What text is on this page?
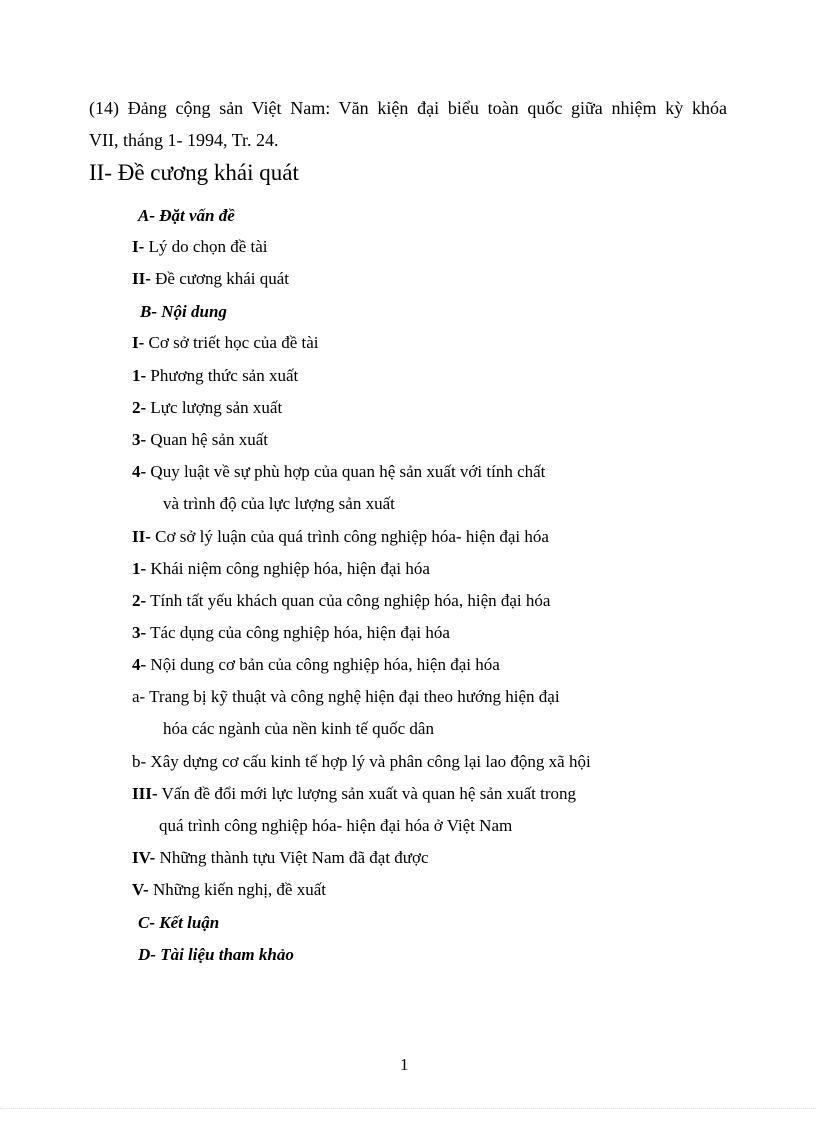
(14) Đảng cộng sản Việt Nam: Văn kiện đại biểu toàn quốc giữa nhiệm kỳ khóa
VII, tháng 1- 1994, Tr. 24.
II- Đề cương khái quát
A- Đặt vấn đề
I- Lý do chọn đề tài
II- Đề cương khái quát
B- Nội dung
I- Cơ sở triết học của đề tài
1- Phương thức sản xuất
2- Lực lượng sản xuất
3- Quan hệ sản xuất
4- Quy luật về sự phù hợp của quan hệ sản xuất với tính chất
và trình độ của lực lượng sản xuất
II- Cơ sở lý luận của quá trình công nghiệp hóa- hiện đại hóa
1- Khái niệm công nghiệp hóa, hiện đại hóa
2- Tính tất yếu khách quan của công nghiệp hóa, hiện đại hóa
3- Tác dụng của công nghiệp hóa, hiện đại hóa
4- Nội dung cơ bản của công nghiệp hóa, hiện đại hóa
a- Trang bị kỹ thuật và công nghệ hiện đại theo hướng hiện đại
hóa các ngành của nền kinh tế quốc dân
b- Xây dựng cơ cấu kinh tế hợp lý và phân công lại lao động xã hội
III- Vấn đề đổi mới lực lượng sản xuất và quan hệ sản xuất trong
quá trình công nghiệp hóa- hiện đại hóa ở Việt Nam
IV- Những thành tựu Việt Nam đã đạt được
V- Những kiến nghị, đề xuất
C- Kết luận
D- Tài liệu tham khảo
1
